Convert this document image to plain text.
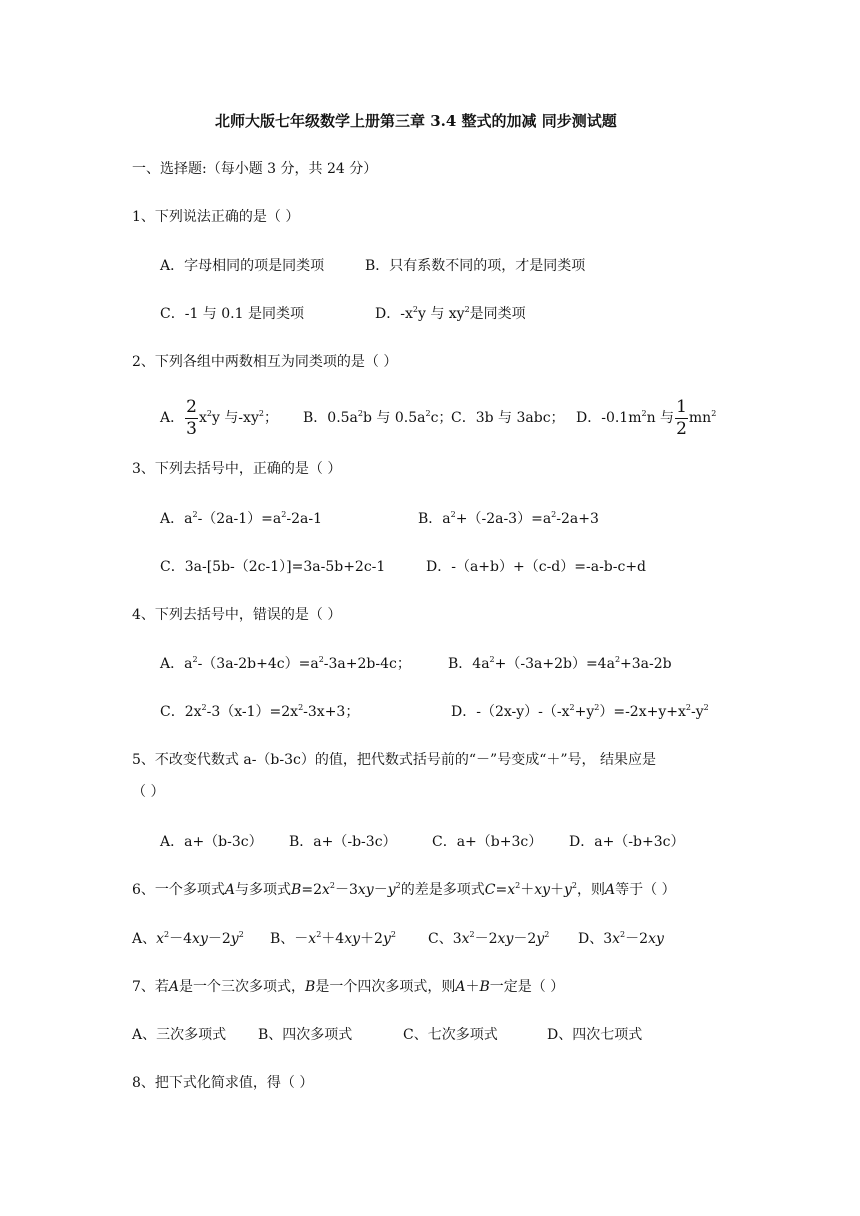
北师大版七年级数学上册第三章 3.4 整式的加减 同步测试题
一、选择题:（每小题 3 分，共 24 分）
1、下列说法正确的是（ ）
A．字母相同的项是同类项	B．只有系数不同的项，才是同类项
C．-1 与 0.1 是同类项	D．$-x^2y$ 与 $xy^2$是同类项
2、下列各组中两数相互为同类项的是（ ）
A． $\frac{2}{3} x^2y$ 与$-xy^2$； B．$0.5a^2b$ 与 $0.5a^2c$；
C．3b 与 3abc； D．$-0.1m^2n$ 与 $\frac{1}{2} mn^2$
3、下列去括号中，正确的是（ ）
A．$a^2-(2a-1)=a^2-2a-1$	B．$a^2+(-2a-3)=a^2-2a+3$
C．3a-[5b-（2c-1）]=3a-5b+2c-1	D．-（a+b）+（c-d）=-a-b-c+d
4、下列去括号中，错误的是（ ）
A．$a^2-(3a-2b+4c)=a^2-3a+2b-4c$；	B．$4a^2+(-3a+2b)=4a^2+3a-2b$
C．$2x^2-3(x-1)=2x^2-3x+3$；	D．$-(2x-y)-(-x^2+y^2)=-2x+y+x^2-y^2$
5、不改变代数式 a-（b-3c）的值，把代数式括号前的“－”号变成“＋”号， 结果应是
（ ）
A．a+（b-3c） B．a+（-b-3c）	C．a+（b+3c） D．a+（-b+3c）
6、一个多项式A与多项式$B=2x^2-3xy-y^2$的差是多项式$C=x^2+xy+y^2$，则A等于（ ）
A、$x^2-4xy-2y^2$ B、$-x^2+4xy+2y^2$ C、$3x^2-2xy-2y^2$ D、$3x^2-2xy$
7、若A是一个三次多项式，B是一个四次多项式，则A＋B一定是（ ）
A、三次多项式 B、四次多项式	C、七次多项式	D、四次七项式
8、把下式化简求值，得（ ）
